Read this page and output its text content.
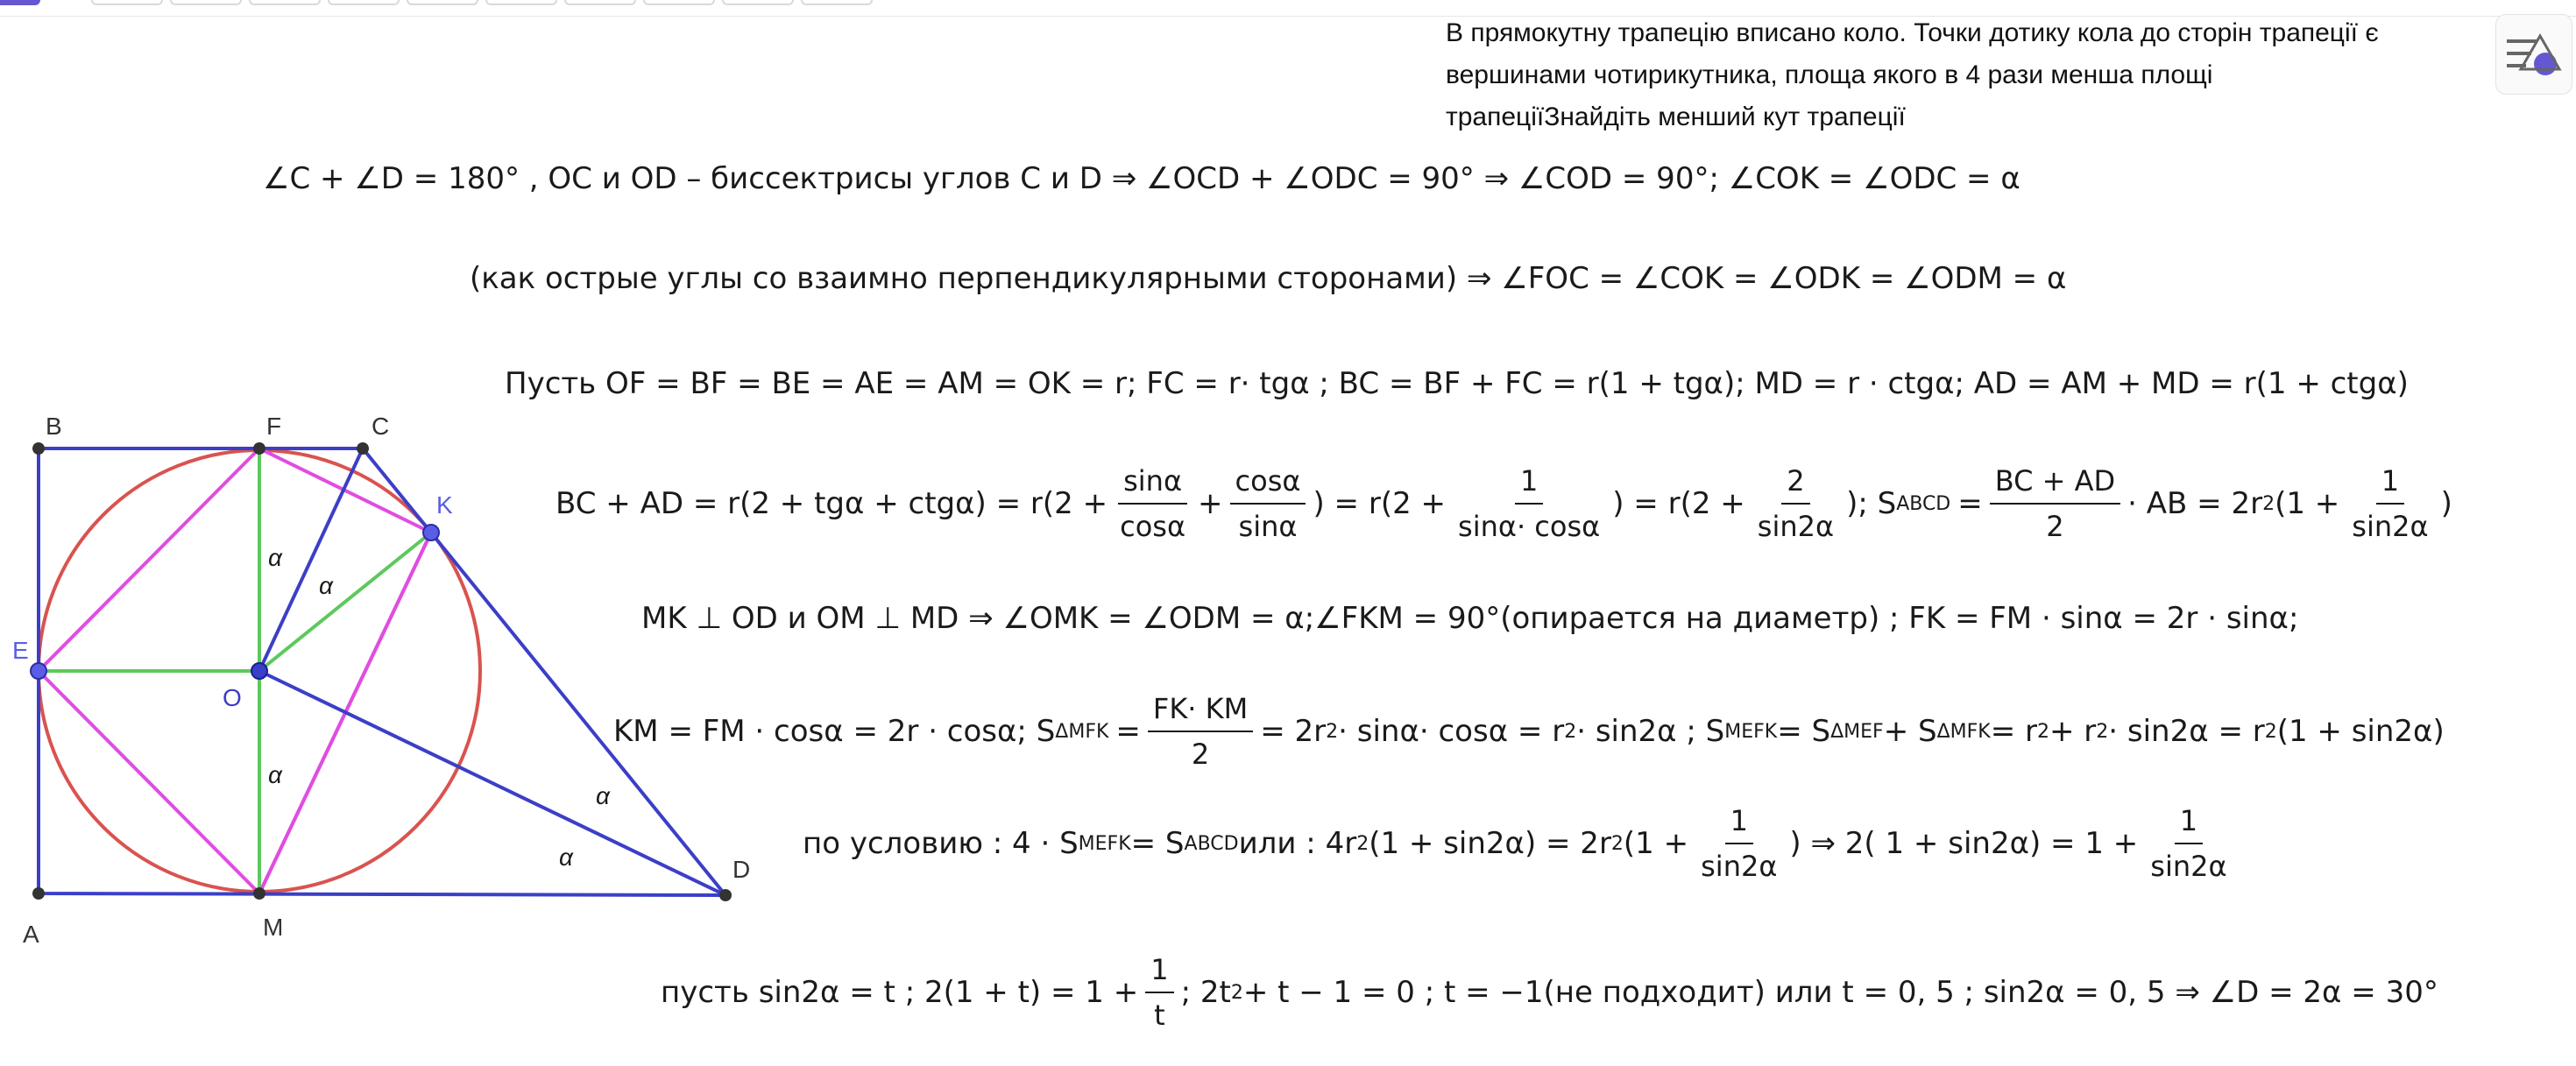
В прямокутну трапецію вписано коло. Точки дотику кола до сторін трапеції є
вершинами чотирикутника, площа якого в 4 рази менша площі
трапеціїЗнайдіть менший кут трапеції
∠C + ∠D = 180° , OC и OD – биссектрисы углов C и D ⇒ ∠OCD + ∠ODC = 90° ⇒ ∠COD = 90°; ∠COK = ∠ODC = α
(как острые углы со взаимно перпендикулярными сторонами) ⇒ ∠FOC = ∠COK = ∠ODK = ∠ODM = α
Пусть OF = BF = BE = AE = AM = OK = r; FC = r· tgα ; BC = BF + FC = r(1 + tgα); MD = r · ctgα; AD = AM + MD = r(1 + ctgα)
BC + AD = $r(2 + tg\alpha + ctg\alpha) = r(2 + \frac{\sin\alpha}{\cos\alpha} + \frac{\cos\alpha}{\sin\alpha}$ ) = $r(2 + \frac{1}{\sin\alpha\cdot \cos\alpha}$ ) = $r(2 + \frac{2}{\sin 2\alpha}$ ); S ABCD = $\frac{BC + AD}{2}$ · AB = 2r 2 ($1 + \frac{1}{\sin 2\alpha}$ )
MK ⊥ OD и OM ⊥ MD ⇒ ∠OMK = ∠ODM = α;∠FKM = 90°(опирается на диаметр) ; FK = FM · sinα = 2r · sinα;
KM = FM · cosα = 2r · cosα; S $\Delta MFK = \frac{FK\cdot KM}{2} = 2r$ 2 · sinα· cosα = r 2 · sin2α ; S MEFK = S ΔMEF + S ΔMFK = r 2 + r 2 · sin2α = r 2 (1 + sin2α)
по условию : 4 · S MEFK = S ABCD или : 4r 2 (1 + sin2α) = 2r 2 ($1 + \frac{1}{\sin 2\alpha}$ ) ⇒ 2( $1 + \sin 2\alpha) = 1 + \frac{1}{\sin 2\alpha}$
пусть sin2α = t ; $2(1 + t) = 1 + \frac{1}{t}$ ; 2t 2 + t − 1 = 0 ; t = −1(не подходит) или t = 0, 5 ; sin2α = 0, 5 ⇒ ∠D = 2α = 30°
α
α
α
α
α
B	F	C
K
E
O
A	M
D
